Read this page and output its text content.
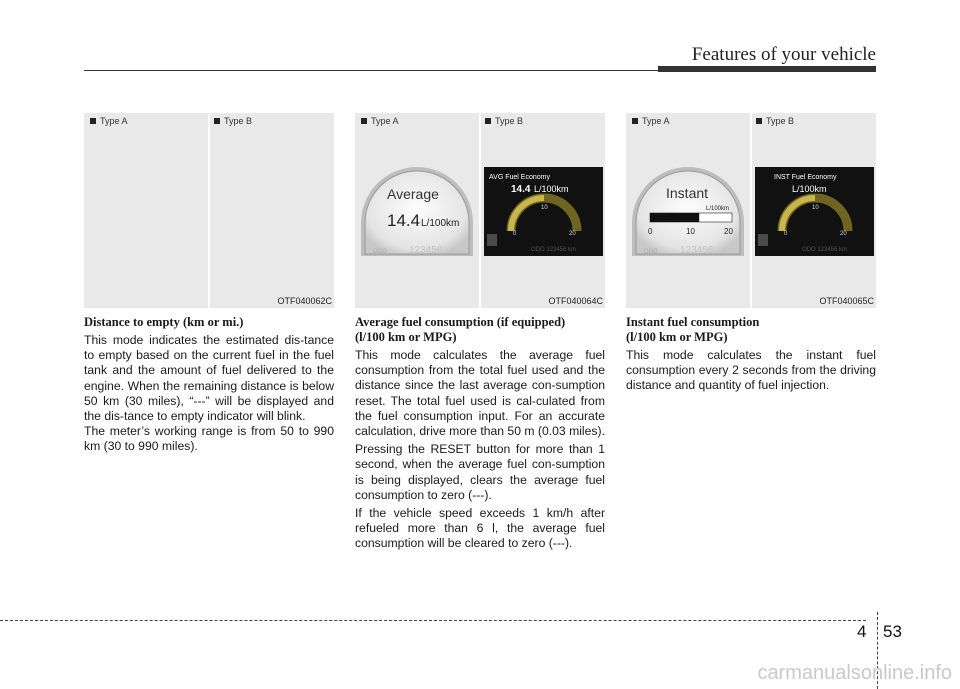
Features of your vehicle
Type A	Type B
OTF040062C
Type A
Average
14.4 L/100km
ODO 123456 km
Type B
AVG Fuel Economy
14.4 L/100km
0
10
20
ODO 123456 km
OTF040064C
Type A
Instant
L/100km
0	10	20
ODO 123456 km
Type B
INST Fuel Economy
L/100km
0
10
20
ODO 123456 km
OTF040065C

Distance to empty (km or mi.)

This mode indicates the estimated dis-tance to empty based on the current fuel in the fuel tank and the amount of fuel delivered to the engine. When the remaining distance is below 50 km (30 miles), “---” will be displayed and the dis-tance to empty indicator will blink.

The meter’s working range is from 50 to 990 km (30 to 990 miles).

Average fuel consumption (if equipped)

(l/100 km or MPG)

This mode calculates the average fuel consumption from the total fuel used and the distance since the last average con-sumption reset. The total fuel used is cal-culated from the fuel consumption input. For an accurate calculation, drive more than 50 m (0.03 miles).

Pressing the RESET button for more than 1 second, when the average fuel con-sumption is being displayed, clears the average fuel consumption to zero (---).

If the vehicle speed exceeds 1 km/h after refueled more than 6 l, the average fuel consumption will be cleared to zero (---).

Instant fuel consumption

(l/100 km or MPG)

This mode calculates the instant fuel consumption every 2 seconds from the driving distance and quantity of fuel injection.

4 53
carmanualsonline.info
